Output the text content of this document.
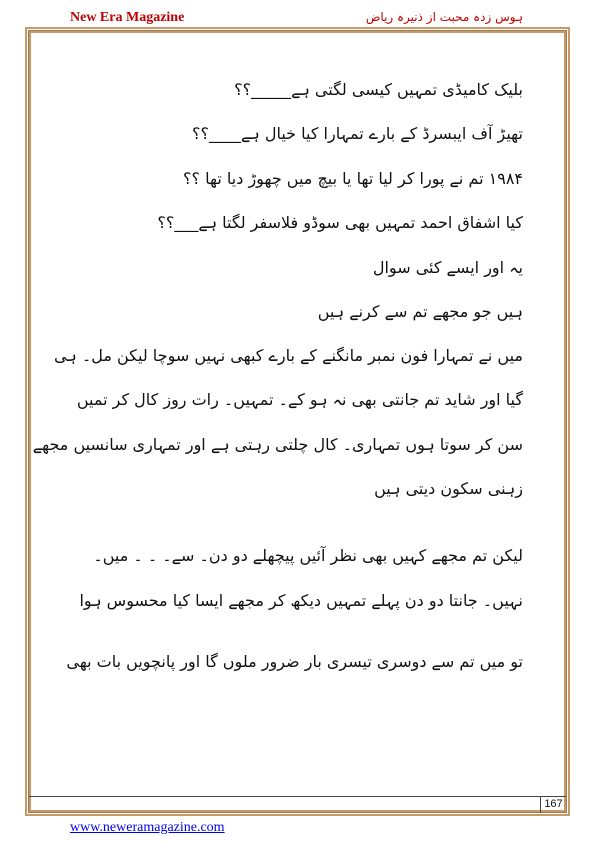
New Era Magazine	ہوس زدہ محبت از ذنیرہ ریاض
بلیک کامیڈی تمہیں کیسی لگتی ہے_____؟؟
تھیڑ آف ایبسرڈ کے بارے تمہارا کیا خیال ہے____؟؟
۱۹۸۴ تم نے پورا کر لیا تھا یا بیچ میں چھوڑ دیا تھا ؟؟
کیا اشفاق احمد تمہیں بھی سوڈو فلاسفر لگتا ہے___؟؟
یہ اور ایسے کئی سوال
ہیں جو مجھے تم سے کرنے ہیں
میں نے تمہارا فون نمبر مانگنے کے بارے کبھی نہیں سوچا لیکن مل۔ ہی
گیا اور شاید تم جانتی بھی نہ ہو کے۔ تمہیں۔ رات روز کال کر تمیں
سن کر سوتا ہوں تمہاری۔ کال چلتی رہتی ہے اور تمہاری سانسیں مجھے
زہنی سکون دیتی ہیں
لیکن تم مجھے کہیں بھی نظر آئیں پیچھلے دو دن۔ سے۔ ۔ ۔ میں۔
نہیں۔ جانتا دو دن پہلے تمہیں دیکھ کر مجھے ایسا کیا محسوس ہوا
تو میں تم سے دوسری تیسری بار ضرور ملوں گا اور پانچویں بات بھی
167
www.neweramagazine.com
